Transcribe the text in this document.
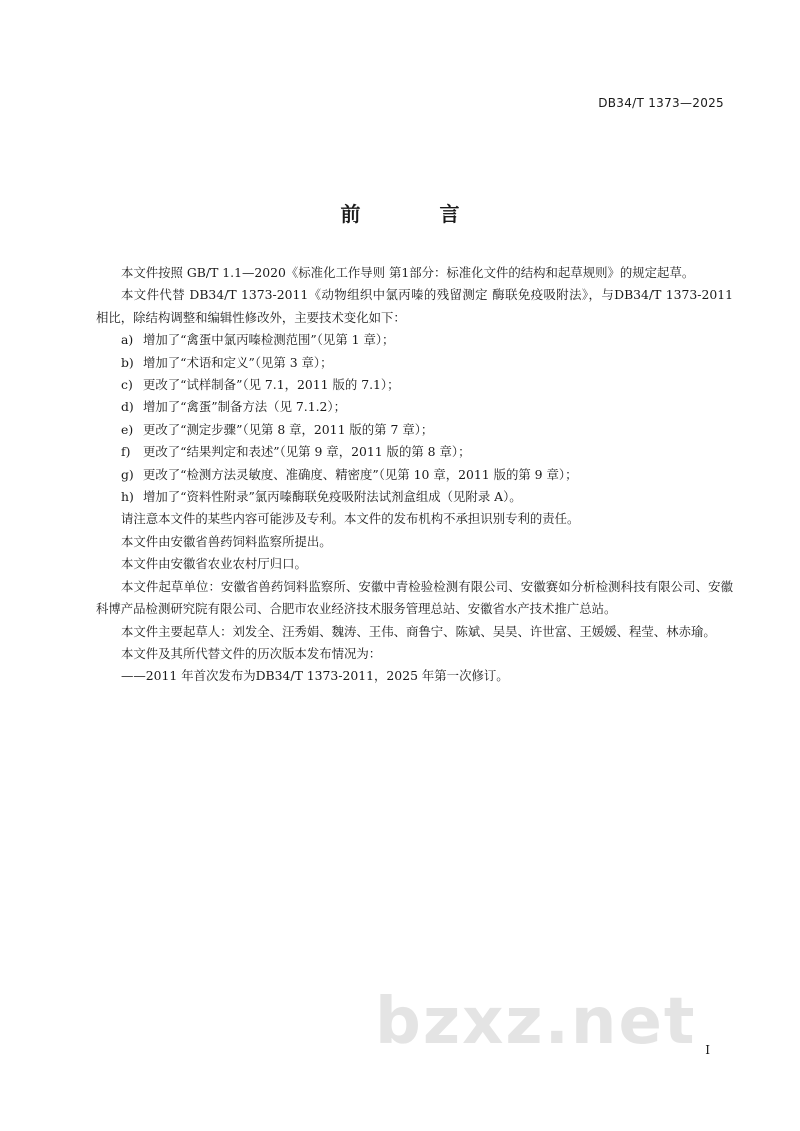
DB34/T 1373—2025
前 言

本文件按照 GB/T 1.1—2020《标准化工作导则 第1部分：标准化文件的结构和起草规则》的规定起草。

本文件代替 DB34/T 1373-2011《动物组织中氯丙嗪的残留测定 酶联免疫吸附法》，与DB34/T 1373-2011 相比，除结构调整和编辑性修改外，主要技术变化如下：

a) 增加了“禽蛋中氯丙嗪检测范围”（见第 1 章）；
b) 增加了“术语和定义”（见第 3 章）；
c) 更改了“试样制备”（见 7.1，2011 版的 7.1）；
d) 增加了“禽蛋”制备方法（见 7.1.2）；
e) 更改了“测定步骤”（见第 8 章，2011 版的第 7 章）；
f)	更改了“结果判定和表述”（见第 9 章，2011 版的第 8 章）；
g) 更改了“检测方法灵敏度、准确度、精密度”（见第 10 章，2011 版的第 9 章）；
h) 增加了“资料性附录”氯丙嗪酶联免疫吸附法试剂盒组成（见附录 A）。

请注意本文件的某些内容可能涉及专利。本文件的发布机构不承担识别专利的责任。

本文件由安徽省兽药饲料监察所提出。

本文件由安徽省农业农村厅归口。

本文件起草单位：安徽省兽药饲料监察所、安徽中青检验检测有限公司、安徽赛如分析检测科技有限公司、安徽科博产品检测研究院有限公司、合肥市农业经济技术服务管理总站、安徽省水产技术推广总站。

本文件主要起草人：刘发全、汪秀娟、魏涛、王伟、商鲁宁、陈斌、吴昊、许世富、王媛媛、程莹、林赤瑜。

本文件及其所代替文件的历次版本发布情况为：

——2011 年首次发布为DB34/T 1373-2011，2025 年第一次修订。

bzxz.net I
